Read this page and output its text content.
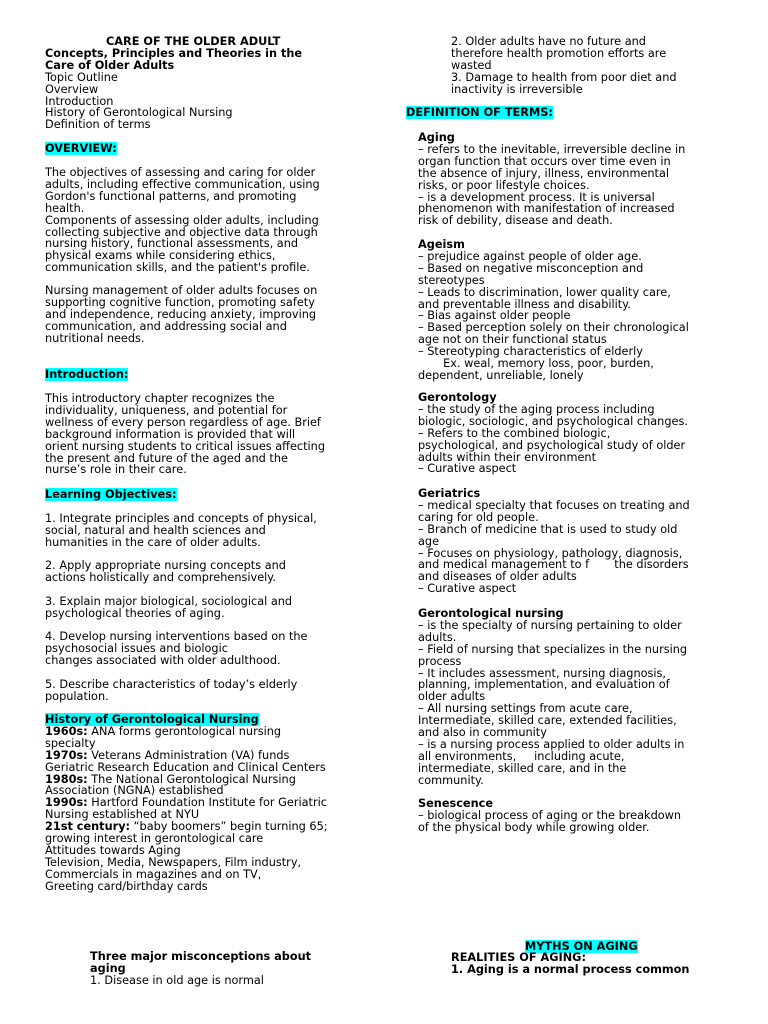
CARE OF THE OLDER ADULT
Concepts, Principles and Theories in the
Care of Older Adults
Topic Outline
Overview
Introduction
History of Gerontological Nursing
Definition of terms
OVERVIEW:
The objectives of assessing and caring for older
adults, including effective communication, using
Gordon's functional patterns, and promoting
health.
Components of assessing older adults, including
collecting subjective and objective data through
nursing history, functional assessments, and
physical exams while considering ethics,
communication skills, and the patient's profile.
Nursing management of older adults focuses on
supporting cognitive function, promoting safety
and independence, reducing anxiety, improving
communication, and addressing social and
nutritional needs.
Introduction:
This introductory chapter recognizes the
individuality, uniqueness, and potential for
wellness of every person regardless of age. Brief
background information is provided that will
orient nursing students to critical issues affecting
the present and future of the aged and the
nurse’s role in their care.
Learning Objectives:
1. Integrate principles and concepts of physical,
social, natural and health sciences and
humanities in the care of older adults.
2. Apply appropriate nursing concepts and
actions holistically and comprehensively.
3. Explain major biological, sociological and
psychological theories of aging.
4. Develop nursing interventions based on the
psychosocial issues and biologic
changes associated with older adulthood.
5. Describe characteristics of today’s elderly
population.
History of Gerontological Nursing
1960s: ANA forms gerontological nursing
specialty
1970s: Veterans Administration (VA) funds
Geriatric Research Education and Clinical Centers
1980s: The National Gerontological Nursing
Association (NGNA) established
1990s: Hartford Foundation Institute for Geriatric
Nursing established at NYU
21st century: “baby boomers” begin turning 65;
growing interest in gerontological care
Attitudes towards Aging
Television, Media, Newspapers, Film industry,
Commercials in magazines and on TV,
Greeting card/birthday cards
Three major misconceptions about
aging
1. Disease in old age is normal
2. Older adults have no future and
therefore health promotion efforts are
wasted
3. Damage to health from poor diet and
inactivity is irreversible
DEFINITION OF TERMS:
Aging
– refers to the inevitable, irreversible decline in
organ function that occurs over time even in
the absence of injury, illness, environmental
risks, or poor lifestyle choices.
– is a development process. It is universal
phenomenon with manifestation of increased
risk of debility, disease and death.
Ageism
– prejudice against people of older age.
– Based on negative misconception and
stereotypes
– Leads to discrimination, lower quality care,
and preventable illness and disability.
– Bias against older people
– Based perception solely on their chronological
age not on their functional status
– Stereotyping characteristics of elderly
Ex. weal, memory loss, poor, burden,
dependent, unreliable, lonely
Gerontology
– the study of the aging process including
biologic, sociologic, and psychological changes.
– Refers to the combined biologic,
psychological, and psychological study of older
adults within their environment
– Curative aspect
Geriatrics
– medical specialty that focuses on treating and
caring for old people.
– Branch of medicine that is used to study old
age
– Focuses on physiology, pathology, diagnosis,
and medical management to f       the disorders
and diseases of older adults
– Curative aspect
Gerontological nursing
– is the specialty of nursing pertaining to older
adults.
– Field of nursing that specializes in the nursing
process
– It includes assessment, nursing diagnosis,
planning, implementation, and evaluation of
older adults
– All nursing settings from acute care,
Intermediate, skilled care, extended facilities,
and also in community
– is a nursing process applied to older adults in
all environments,     including acute,
intermediate, skilled care, and in the
community.
Senescence
– biological process of aging or the breakdown
of the physical body while growing older.
MYTHS ON AGING
REALITIES OF AGING:
1. Aging is a normal process common
